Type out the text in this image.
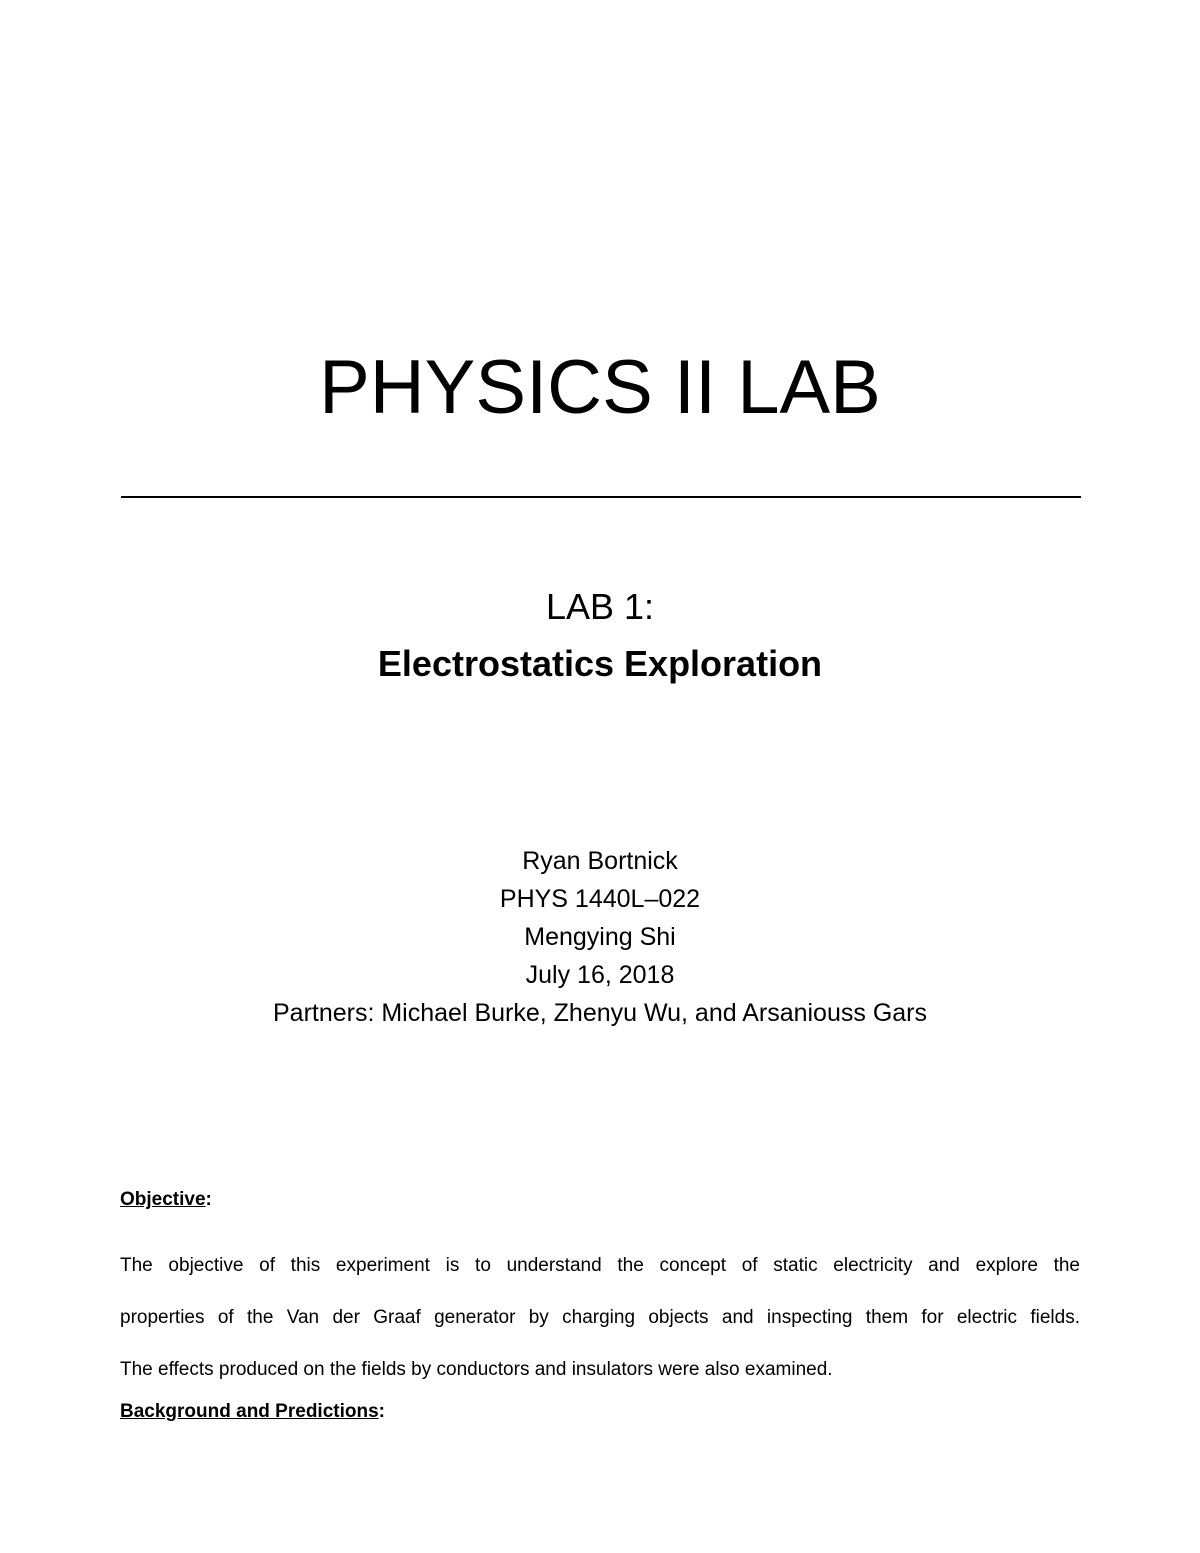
PHYSICS II LAB
LAB 1:
Electrostatics Exploration
Ryan Bortnick
PHYS 1440L–022
Mengying Shi
July 16, 2018
Partners: Michael Burke, Zhenyu Wu, and Arsaniouss Gars
Objective:
The objective of this experiment is to understand the concept of static electricity and explore the
properties of the Van der Graaf generator by charging objects and inspecting them for electric fields.
The effects produced on the fields by conductors and insulators were also examined.
Background and Predictions:
